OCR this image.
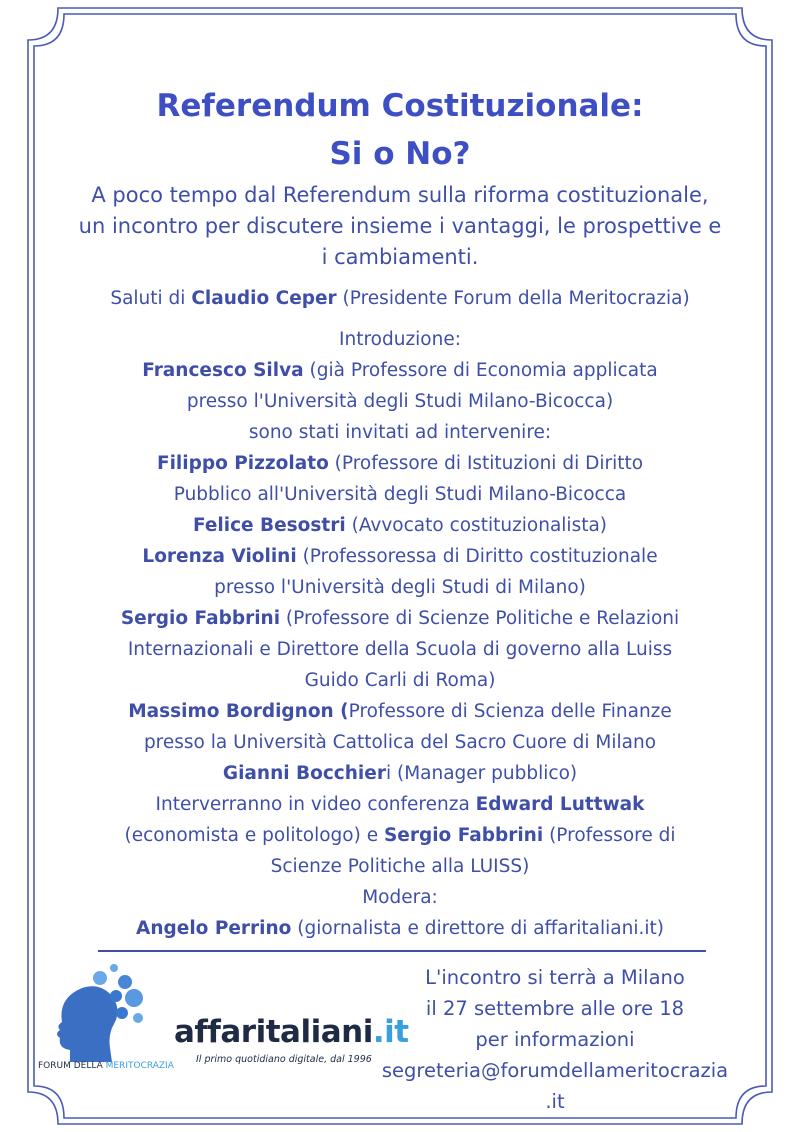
Referendum Costituzionale:
Si o No?

A poco tempo dal Referendum sulla riforma costituzionale,
un incontro per discutere insieme i vantaggi, le prospettive e
i cambiamenti.

Saluti di Claudio Ceper (Presidente Forum della Meritocrazia)

Introduzione:
Francesco Silva (già Professore di Economia applicata
presso l'Università degli Studi Milano-Bicocca)
sono stati invitati ad intervenire:
Filippo Pizzolato (Professore di Istituzioni di Diritto
Pubblico all'Università degli Studi Milano-Bicocca
Felice Besostri (Avvocato costituzionalista)
Lorenza Violini (Professoressa di Diritto costituzionale
presso l'Università degli Studi di Milano)
Sergio Fabbrini (Professore di Scienze Politiche e Relazioni
Internazionali e Direttore della Scuola di governo alla Luiss
Guido Carli di Roma)
Massimo Bordignon (Professore di Scienza delle Finanze
presso la Università Cattolica del Sacro Cuore di Milano
Gianni Bocchieri (Manager pubblico)
Interverranno in video conferenza Edward Luttwak
(economista e politologo) e Sergio Fabbrini (Professore di
Scienze Politiche alla LUISS)
Modera:
Angelo Perrino (giornalista e direttore di affaritaliani.it)

FORUM DELLA MERITOCRAZIA
affaritaliani.it
Il primo quotidiano digitale, dal 1996
L'incontro si terrà a Milano
il 27 settembre alle ore 18
per informazioni
segreteria@forumdellameritocrazia
.it
